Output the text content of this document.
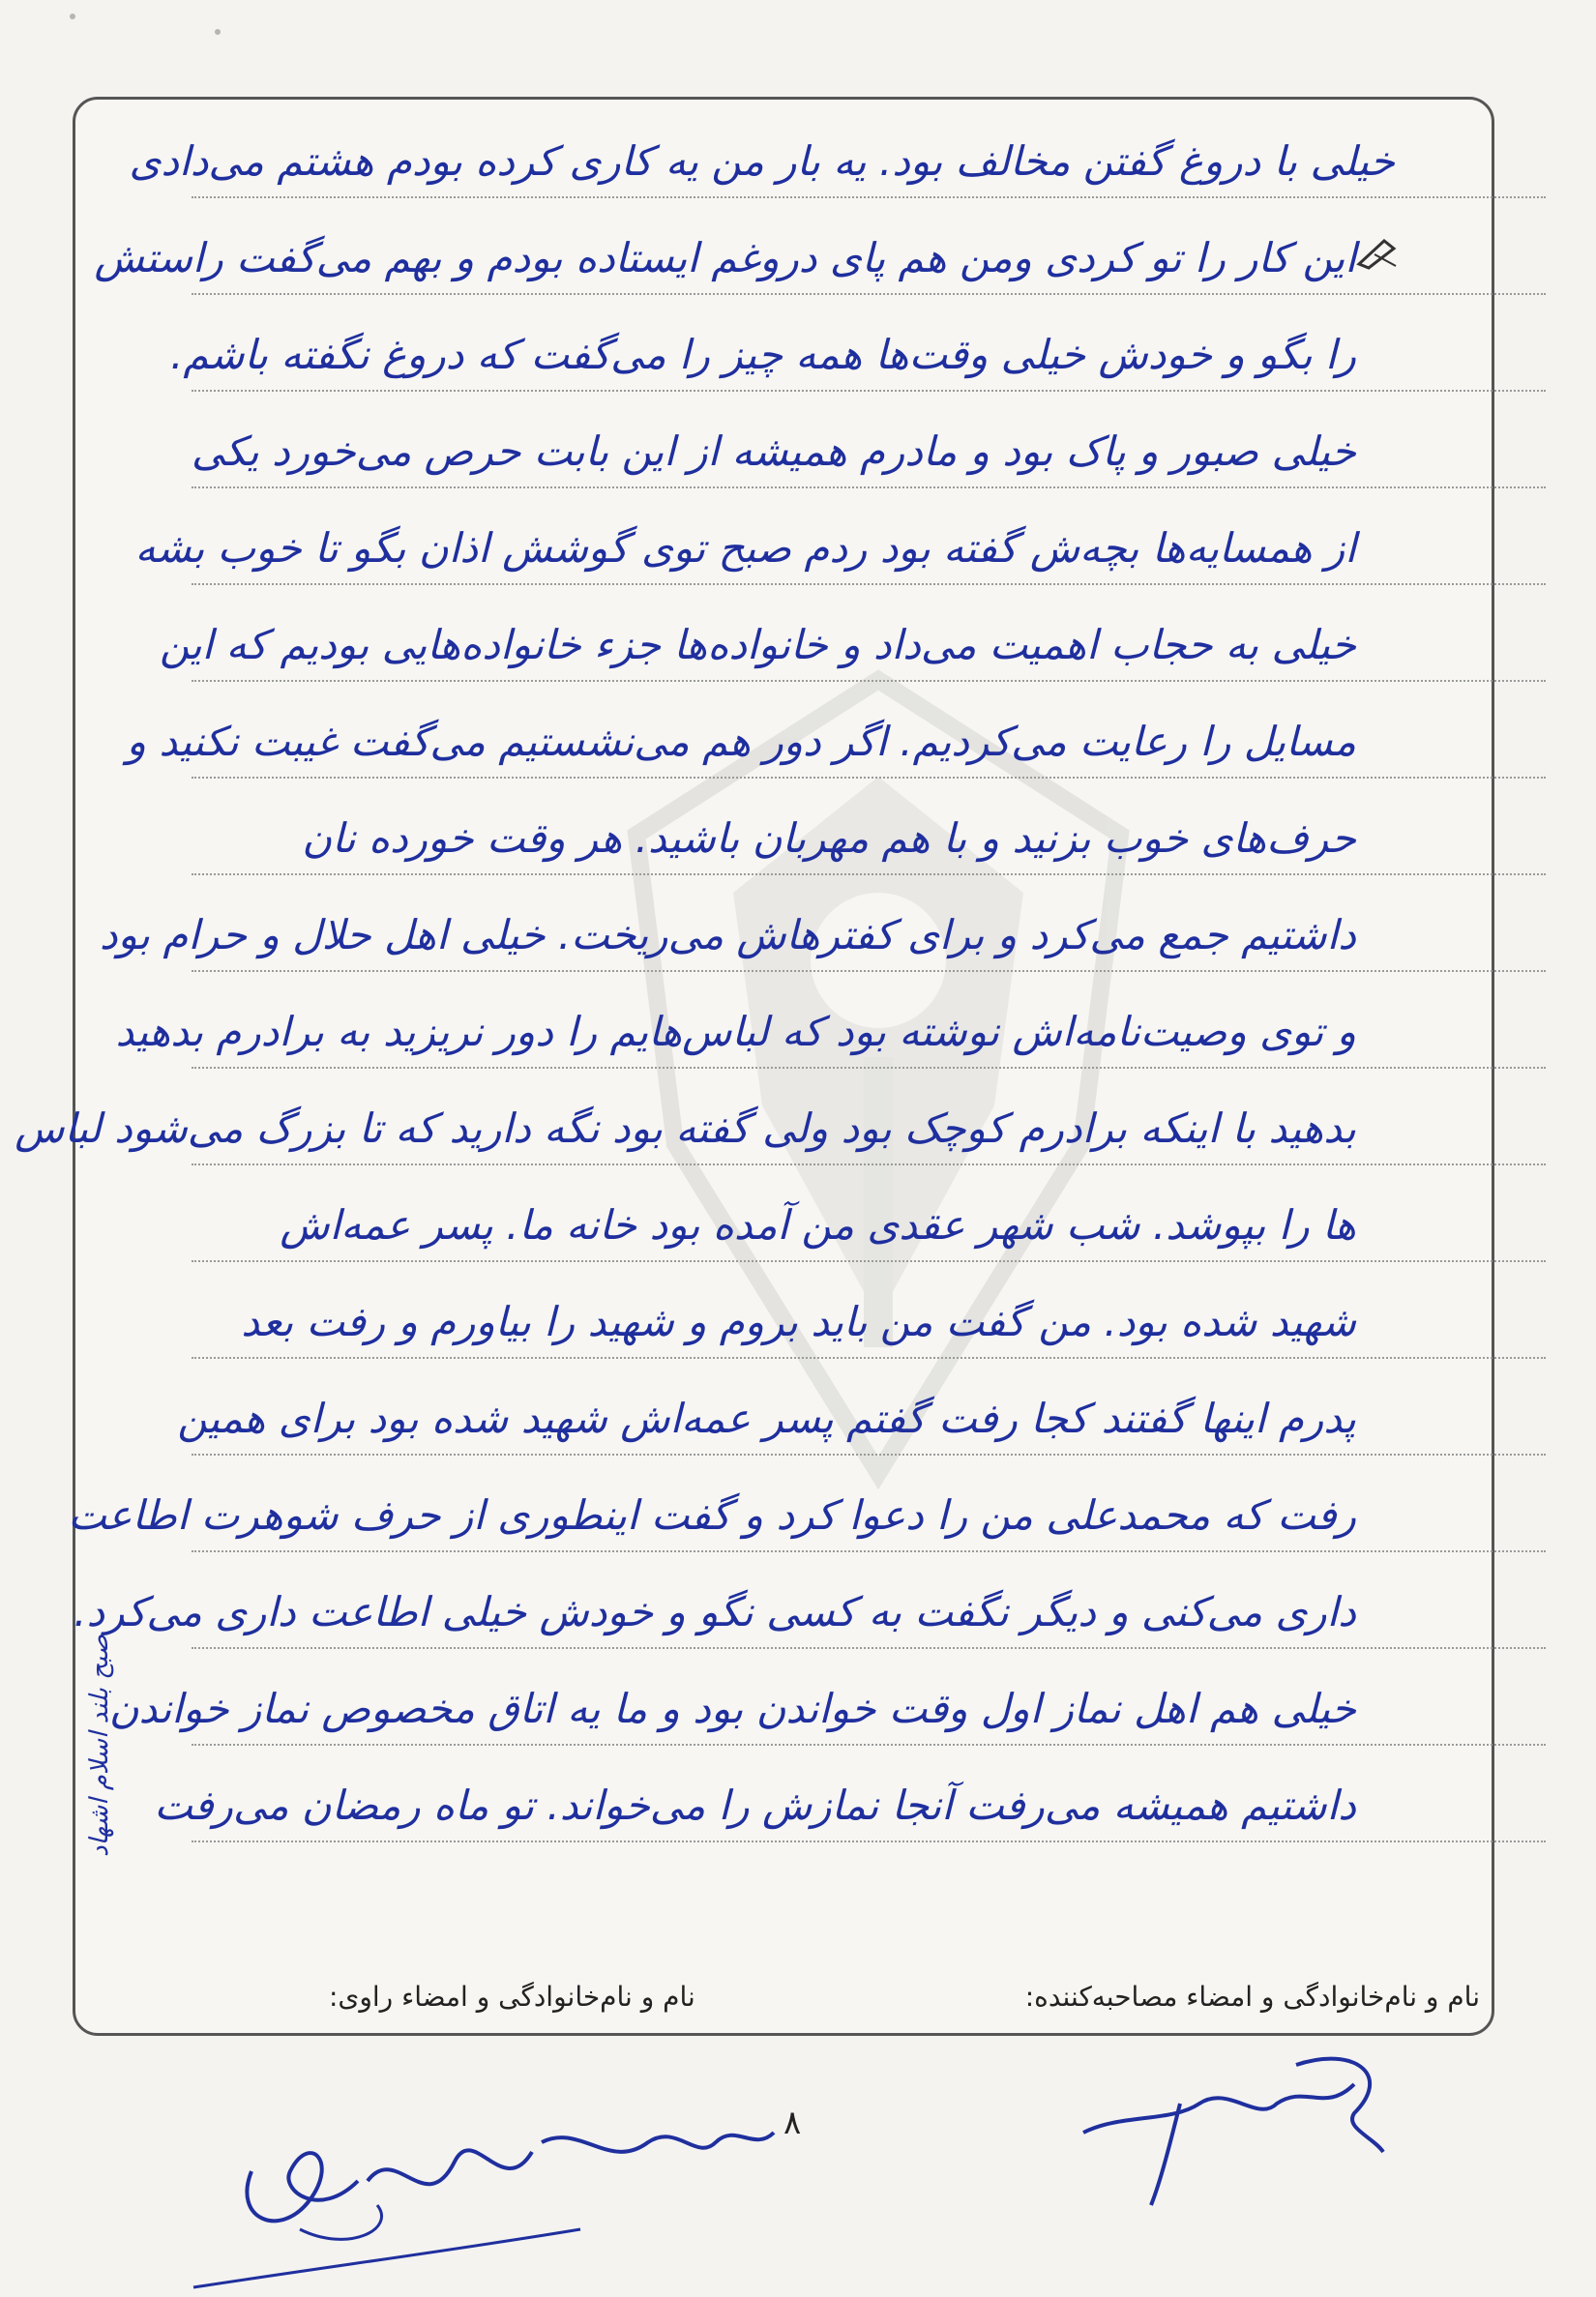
خیلی با دروغ گفتن مخالف بود. یه بار من یه کاری کرده بودم هشتم می‌دادی
این کار را تو کردی ومن هم پای دروغم ایستاده بودم و بهم می‌گفت راستش
را بگو و خودش خیلی وقت‌ها همه چیز را می‌گفت که دروغ نگفته باشم.
خیلی صبور و پاک بود و مادرم همیشه از این بابت حرص می‌خورد یکی
از همسایه‌ها بچه‌ش گفته بود ردم صبح توی گوشش اذان بگو تا خوب بشه
خیلی به حجاب اهمیت می‌داد و خانواده‌ها جزء خانواده‌هایی بودیم که این
مسایل را رعایت می‌کردیم. اگر دور هم می‌نشستیم می‌گفت غیبت نکنید و
حرف‌های خوب بزنید و با هم مهربان باشید. هر وقت خورده نان
داشتیم جمع می‌کرد و برای کفترهاش می‌ریخت. خیلی اهل حلال و حرام بود
و توی وصیت‌نامه‌اش نوشته بود که لباس‌هایم را دور نریزید به برادرم بدهید
بدهید با اینکه برادرم کوچک بود ولی گفته بود نگه دارید که تا بزرگ می‌شود لباس
ها را بپوشد. شب شهر عقدی من آمده بود خانه ما. پسر عمه‌اش
شهید شده بود. من گفت من باید بروم و شهید را بیاورم و رفت بعد
پدرم اینها گفتند کجا رفت گفتم پسر عمه‌اش شهید شده بود برای همین
رفت که محمدعلی من را دعوا کرد و گفت اینطوری از حرف شوهرت اطاعت
داری می‌کنی و دیگر نگفت به کسی نگو و خودش خیلی اطاعت داری می‌کرد.
خیلی هم اهل نماز اول وقت خواندن بود و ما یه اتاق مخصوص نماز خواندن
داشتیم همیشه می‌رفت آنجا نمازش را می‌خواند. تو ماه رمضان می‌رفت
صبح بلند اسلام اشهاد
نام و نام‌خانوادگی و امضاء مصاحبه‌کننده:
نام و نام‌خانوادگی و امضاء راوی:
۸
